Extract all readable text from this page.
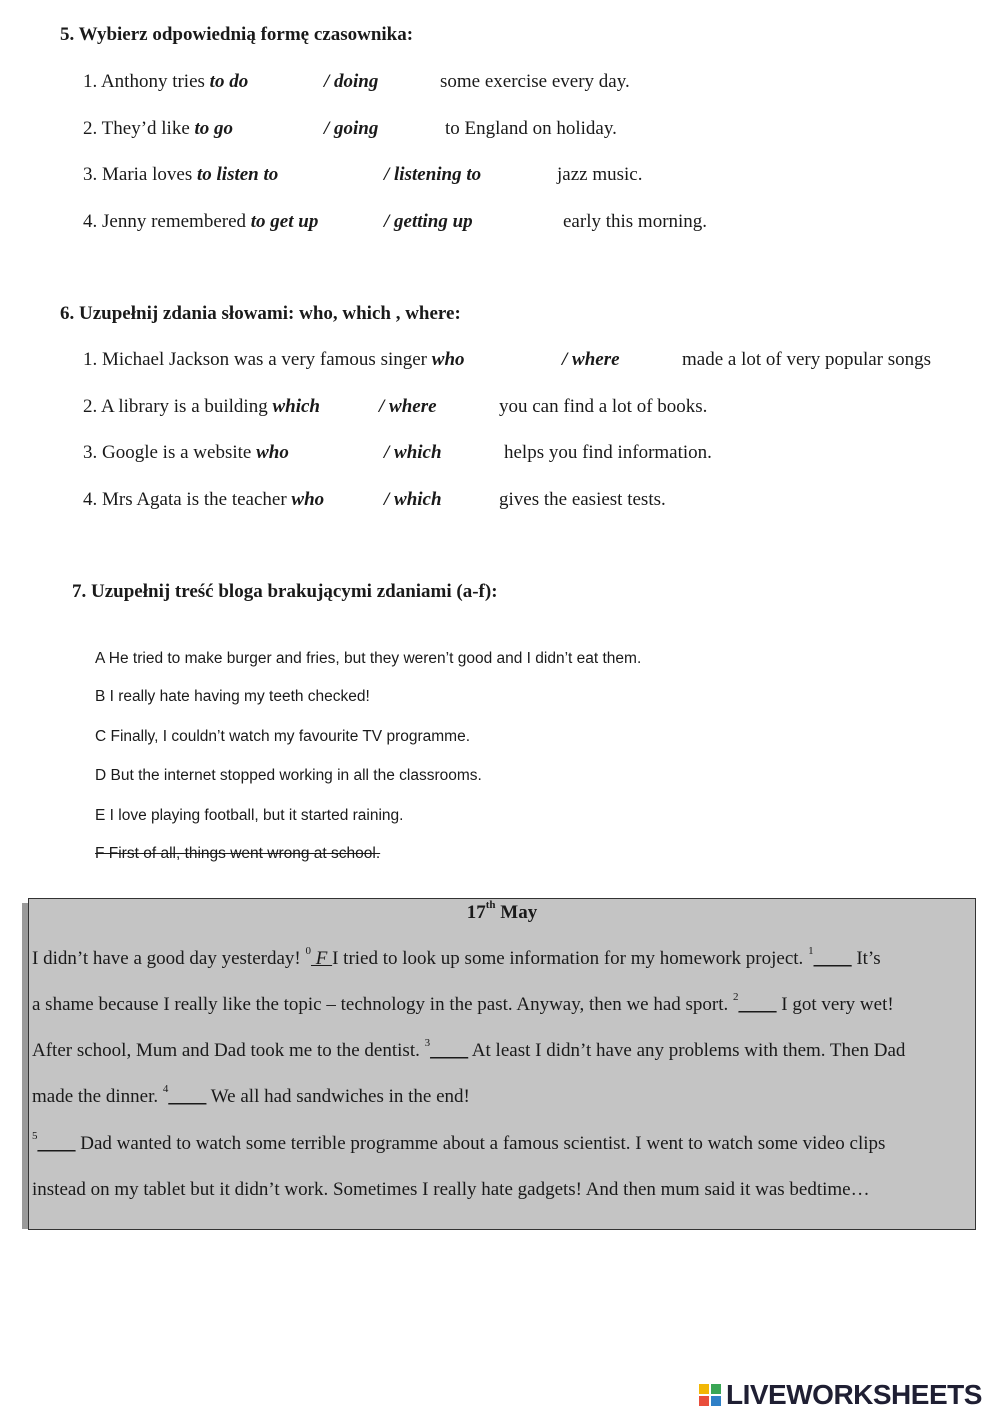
5. Wybierz odpowiednią formę czasownika:
1. Anthony tries to do	/ doing	some exercise every day.
2. They’d like to go	/ going	to England on holiday.
3. Maria loves to listen to	/ listening to	jazz music.
4. Jenny remembered to get up	/ getting up	early this morning.
6. Uzupełnij zdania słowami: who, which , where:
1. Michael Jackson was a very famous singer who	/ where	made a lot of very popular songs
2. A library is a building which	/ where	you can find a lot of books.
3. Google is a website who	/ which	helps you find information.
4. Mrs Agata is the teacher who	/ which	gives the easiest tests.
7. Uzupełnij treść bloga brakującymi zdaniami (a-f):
A He tried to make burger and fries, but they weren’t good and I didn’t eat them.
B I really hate having my teeth checked!
C Finally, I couldn’t watch my favourite TV programme.
D But the internet stopped working in all the classrooms.
E I love playing football, but it started raining.
F First of all, things went wrong at school.
17th May
I didn’t have a good day yesterday! $^0$ F I tried to look up some information for my homework project. $^1$____ It’s
a shame because I really like the topic – technology in the past. Anyway, then we had sport. $^2$____ I got very wet!
After school, Mum and Dad took me to the dentist. $^3$____ At least I didn’t have any problems with them. Then Dad
made the dinner. $^4$____ We all had sandwiches in the end!
$^5$____ Dad wanted to watch some terrible programme about a famous scientist. I went to watch some video clips
instead on my tablet but it didn’t work. Sometimes I really hate gadgets! And then mum said it was bedtime…

LIVEWORKSHEETS
